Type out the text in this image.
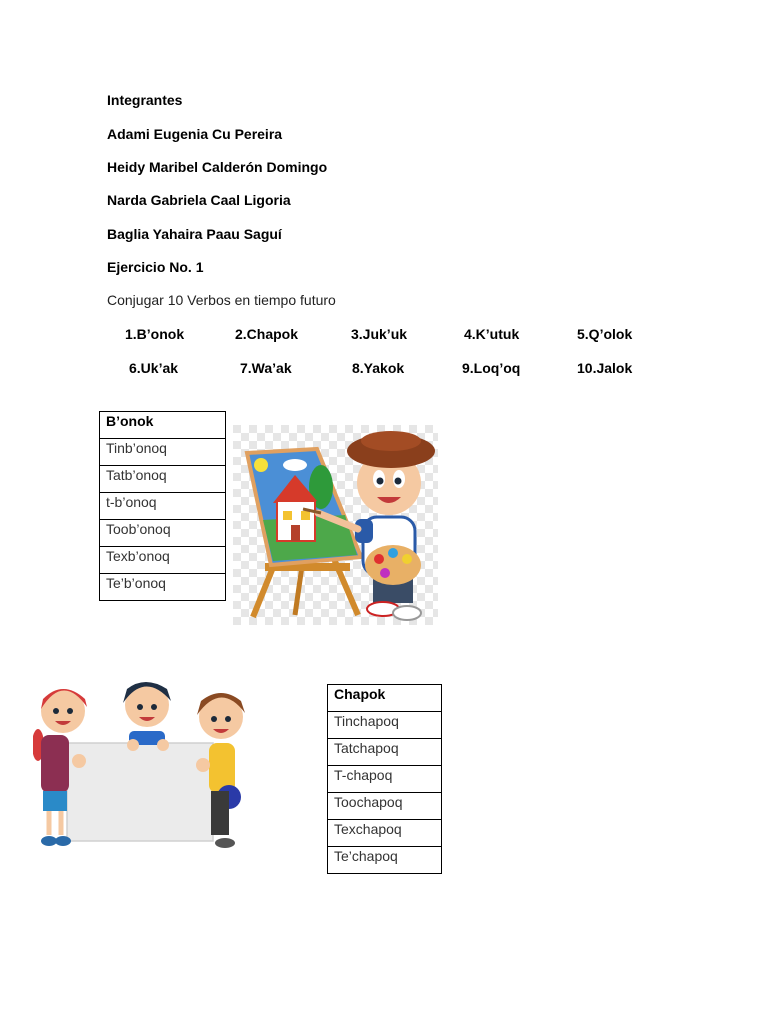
Integrantes
Adami Eugenia Cu Pereira
Heidy Maribel Calderón Domingo
Narda Gabriela Caal Ligoria
Baglia Yahaira Paau Saguí
Ejercicio No. 1
Conjugar 10 Verbos en tiempo futuro
1.B’onok	2.Chapok	3.Juk’uk	4.K’utuk	5.Q’olok
6.Uk’ak	7.Wa’ak	8.Yakok	9.Loq’oq	10.Jalok
B’onok
Tinb’onoq
Tatb’onoq
t-b’onoq
Toob’onoq
Texb’onoq
Te’b’onoq
Chapok
Tinchapoq
Tatchapoq
T-chapoq
Toochapoq
Texchapoq
Te’chapoq
